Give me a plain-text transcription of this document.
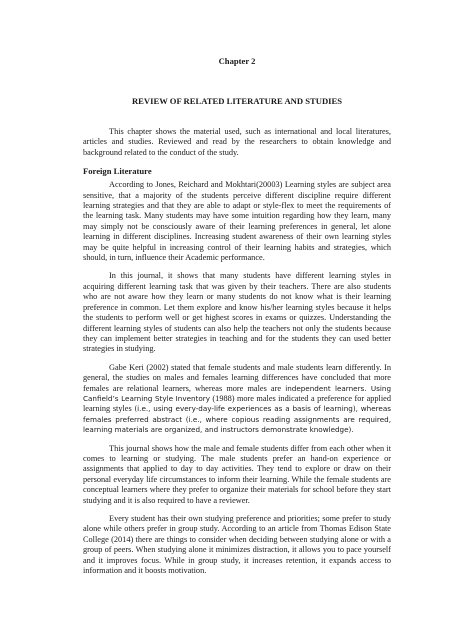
Chapter 2
REVIEW OF RELATED LITERATURE AND STUDIES

This chapter shows the material used, such as international and local literatures, articles and studies. Reviewed and read by the researchers to obtain knowledge and background related to the conduct of the study.

Foreign Literature

According to Jones, Reichard and Mokhtari(20003) Learning styles are subject area sensitive, that a majority of the students perceive different discipline require different learning strategies and that they are able to adapt or style-flex to meet the requirements of the learning task. Many students may have some intuition regarding how they learn, many may simply not be consciously aware of their learning preferences in general, let alone learning in different disciplines. Increasing student awareness of their own learning styles may be quite helpful in increasing control of their learning habits and strategies, which should, in turn, influence their Academic performance.

In this journal, it shows that many students have different learning styles in acquiring different learning task that was given by their teachers. There are also students who are not aware how they learn or many students do not know what is their learning preference in common. Let them explore and know his/her learning styles because it helps the students to perform well or get highest scores in exams or quizzes. Understanding the different learning styles of students can also help the teachers not only the students because they can implement better strategies in teaching and for the students they can used better strategies in studying.

Gabe Keri (2002) stated that female students and male students learn differently. In general, the studies on males and females learning differences have concluded that more females are relational learners, whereas more males are independent learners. Using Canfield’s Learning Style Inventory (1988) more males indicated a preference for applied learning styles (i.e., using every-day-life experiences as a basis of learning), whereas females preferred abstract (i.e., where copious reading assignments are required, learning materials are organized, and instructors demonstrate knowledge).

This journal shows how the male and female students differ from each other when it comes to learning or studying. The male students prefer an hand-on experience or assignments that applied to day to day activities. They tend to explore or draw on their personal everyday life circumstances to inform their learning. While the female students are conceptual learners where they prefer to organize their materials for school before they start studying and it is also required to have a reviewer.

Every student has their own studying preference and priorities; some prefer to study alone while others prefer in group study. According to an article from Thomas Edison State College (2014) there are things to consider when deciding between studying alone or with a group of peers. When studying alone it minimizes distraction, it allows you to pace yourself and it improves focus. While in group study, it increases retention, it expands access to information and it boosts motivation.
